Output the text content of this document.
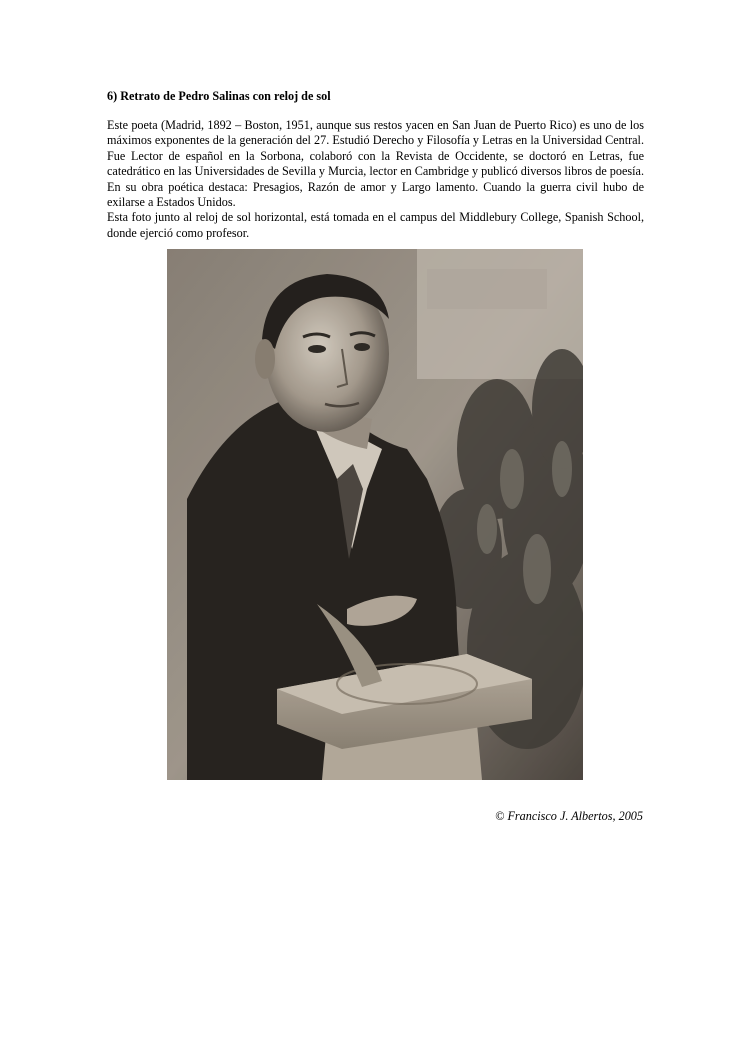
6) Retrato de Pedro Salinas con reloj de sol

Este poeta (Madrid, 1892 – Boston, 1951, aunque sus restos yacen en San Juan de Puerto Rico) es uno de los máximos exponentes de la generación del 27. Estudió Derecho y Filosofía y Letras en la Universidad Central. Fue Lector de español en la Sorbona, colaboró con la Revista de Occidente, se doctoró en Letras, fue catedrático en las Universidades de Sevilla y Murcia, lector en Cambridge y publicó diversos libros de poesía. En su obra poética destaca: Presagios, Razón de amor y Largo lamento. Cuando la guerra civil hubo de exilarse a Estados Unidos.

Esta foto junto al reloj de sol horizontal, está tomada en el campus del Middlebury College, Spanish School, donde ejerció como profesor.

© Francisco J. Albertos, 2005
